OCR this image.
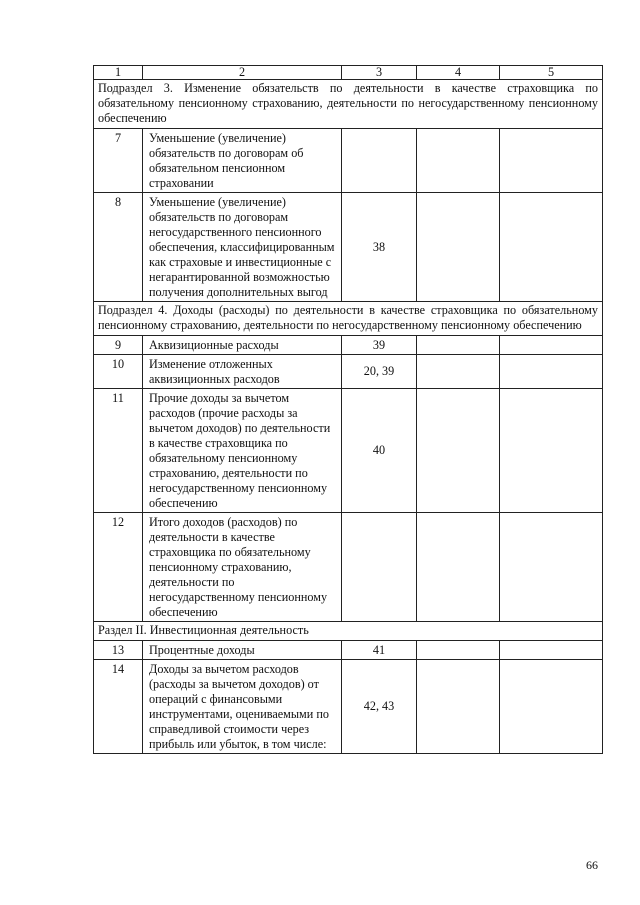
1	2	3	4	5
Подраздел 3. Изменение обязательств по деятельности в качестве страховщика по обязательному пенсионному страхованию, деятельности по негосударственному пенсионному обеспечению				
7	Уменьшение (увеличение) обязательств по договорам об обязательном пенсионном страховании			
8	Уменьшение (увеличение) обязательств по договорам негосударственного пенсионного обеспечения, классифицированным как страховые и инвестиционные с негарантированной возможностью получения дополнительных выгод	38		
Подраздел 4. Доходы (расходы) по деятельности в качестве страховщика по обязательному пенсионному страхованию, деятельности по негосударственному пенсионному обеспечению				
9	Аквизиционные расходы	39		
10	Изменение отложенных аквизиционных расходов	20, 39		
11	Прочие доходы за вычетом расходов (прочие расходы за вычетом доходов) по деятельности в качестве страховщика по обязательному пенсионному страхованию, деятельности по негосударственному пенсионному обеспечению	40		
12	Итого доходов (расходов) по деятельности в качестве страховщика по обязательному пенсионному страхованию, деятельности по негосударственному пенсионному обеспечению			
Раздел II. Инвестиционная деятельность				
13	Процентные доходы	41		
14	Доходы за вычетом расходов (расходы за вычетом доходов) от операций с финансовыми инструментами, оцениваемыми по справедливой стоимости через прибыль или убыток, в том числе:	42, 43		
66
